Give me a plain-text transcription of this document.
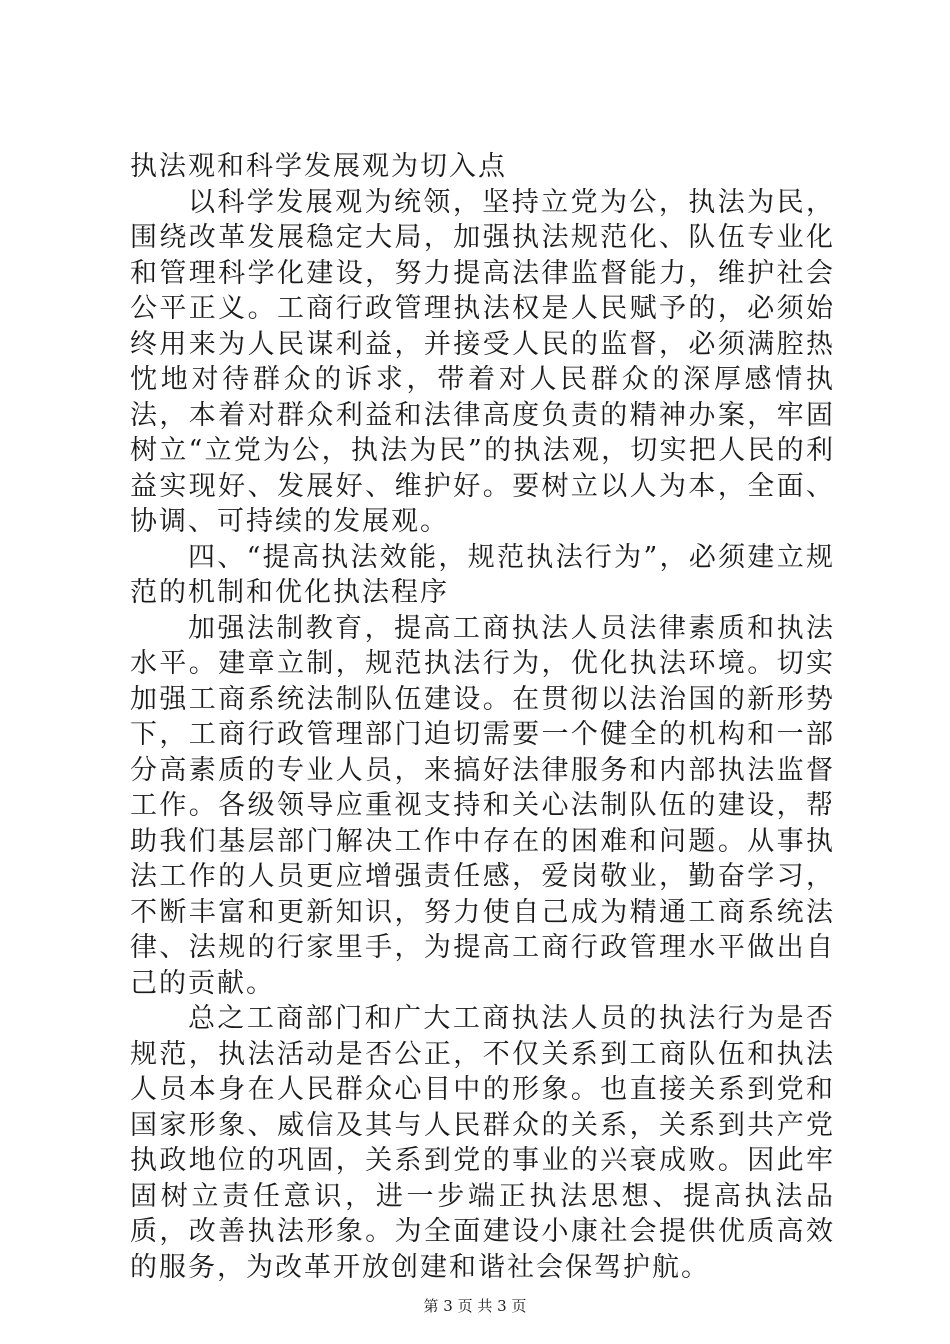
执法观和科学发展观为切入点

以科学发展观为统领，坚持立党为公，执法为民，围绕改革发展稳定大局，加强执法规范化、队伍专业化和管理科学化建设，努力提高法律监督能力，维护社会公平正义。工商行政管理执法权是人民赋予的，必须始终用来为人民谋利益，并接受人民的监督，必须满腔热忱地对待群众的诉求，带着对人民群众的深厚感情执法，本着对群众利益和法律高度负责的精神办案，牢固树立“立党为公，执法为民”的执法观，切实把人民的利益实现好、发展好、维护好。要树立以人为本，全面、协调、可持续的发展观。

四、“提高执法效能，规范执法行为”，必须建立规范的机制和优化执法程序

加强法制教育，提高工商执法人员法律素质和执法水平。建章立制，规范执法行为，优化执法环境。切实加强工商系统法制队伍建设。在贯彻以法治国的新形势下，工商行政管理部门迫切需要一个健全的机构和一部分高素质的专业人员，来搞好法律服务和内部执法监督工作。各级领导应重视支持和关心法制队伍的建设，帮助我们基层部门解决工作中存在的困难和问题。从事执法工作的人员更应增强责任感，爱岗敬业，勤奋学习，不断丰富和更新知识，努力使自己成为精通工商系统法律、法规的行家里手，为提高工商行政管理水平做出自己的贡献。

总之工商部门和广大工商执法人员的执法行为是否规范，执法活动是否公正，不仅关系到工商队伍和执法人员本身在人民群众心目中的形象。也直接关系到党和国家形象、威信及其与人民群众的关系，关系到共产党执政地位的巩固，关系到党的事业的兴衰成败。因此牢固树立责任意识，进一步端正执法思想、提高执法品质，改善执法形象。为全面建设小康社会提供优质高效的服务，为改革开放创建和谐社会保驾护航。

第 3 页 共 3 页
